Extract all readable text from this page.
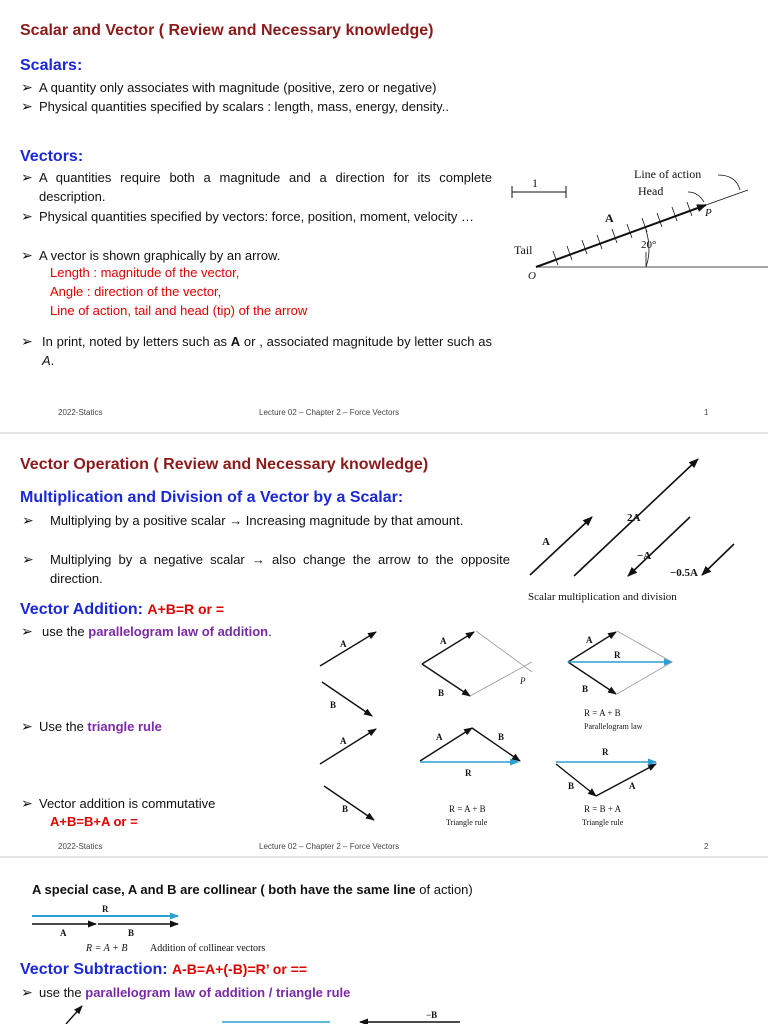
Scalar and Vector ( Review and Necessary knowledge)
Scalars:
➢ A quantity only associates with magnitude (positive, zero or negative)
➢ Physical quantities specified by scalars : length, mass, energy, density..
Vectors:
➢ A quantities require both a magnitude and a direction for its complete description.
➢ Physical quantities specified by vectors: force, position, moment, velocity …
➢ A vector is shown graphically by an arrow.
Length : magnitude of the vector,
Angle : direction of the vector,
Line of action, tail and head (tip) of the arrow
➢ In print, noted by letters such as A or , associated magnitude by letter such as A.
1
Line of action
Head
A	P
20°
Tail
O
2022-Statics	Lecture 02 – Chapter 2 – Force Vectors	1
Vector Operation ( Review and Necessary knowledge)
Multiplication and Division of a Vector by a Scalar:
➢ Multiplying by a positive scalar → Increasing magnitude by that amount.
➢ Multiplying by a negative scalar → also change the arrow to the opposite direction.
A
2A
−A
−0.5A
Scalar multiplication and division
Vector Addition: A+B=R or =
➢ use the parallelogram law of addition.
➢ Use the triangle rule
➢ Vector addition is commutative
A+B=B+A or =
A
B
A
B
P
A
R
B
R = A + B
Parallelogram law
A
B
A	B
R
R = A + B
Triangle rule
R
B	A
R = B + A
Triangle rule
2022-Statics	Lecture 02 – Chapter 2 – Force Vectors	2
A special case, A and B are collinear ( both have the same line of action)
R
A	B
R = A + B Addition of collinear vectors
Vector Subtraction: A-B=A+(-B)=R’ or ==
➢ use the parallelogram law of addition / triangle rule
−B
